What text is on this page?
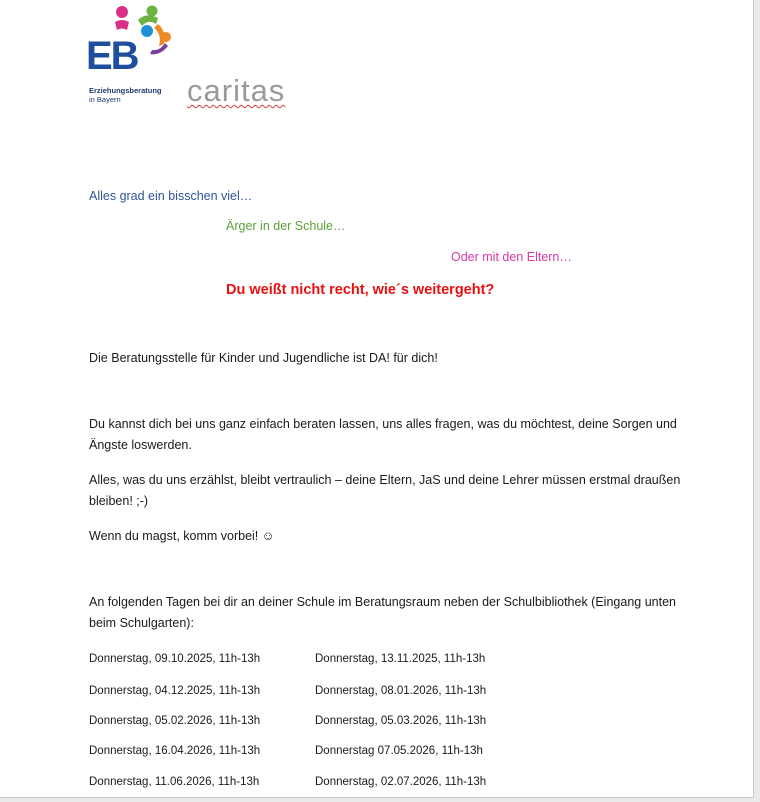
EB
Erziehungsberatung
in Bayern caritas
Alles grad ein bisschen viel…
Ärger in der Schule…
Oder mit den Eltern…
Du weißt nicht recht, wie´s weitergeht?
Die Beratungsstelle für Kinder und Jugendliche ist DA! für dich!
Du kannst dich bei uns ganz einfach beraten lassen, uns alles fragen, was du möchtest, deine Sorgen und Ängste loswerden.
Alles, was du uns erzählst, bleibt vertraulich – deine Eltern, JaS und deine Lehrer müssen erstmal draußen bleiben! ;-)
Wenn du magst, komm vorbei! ☺
An folgenden Tagen bei dir an deiner Schule im Beratungsraum neben der Schulbibliothek (Eingang unten beim Schulgarten):
Donnerstag, 09.10.2025, 11h-13h	Donnerstag, 13.11.2025, 11h-13h
Donnerstag, 04.12.2025, 11h-13h	Donnerstag, 08.01.2026, 11h-13h
Donnerstag, 05.02.2026, 11h-13h	Donnerstag, 05.03.2026, 11h-13h
Donnerstag, 16.04.2026, 11h-13h	Donnerstag 07.05.2026, 11h-13h
Donnerstag, 11.06.2026, 11h-13h	Donnerstag, 02.07.2026, 11h-13h
